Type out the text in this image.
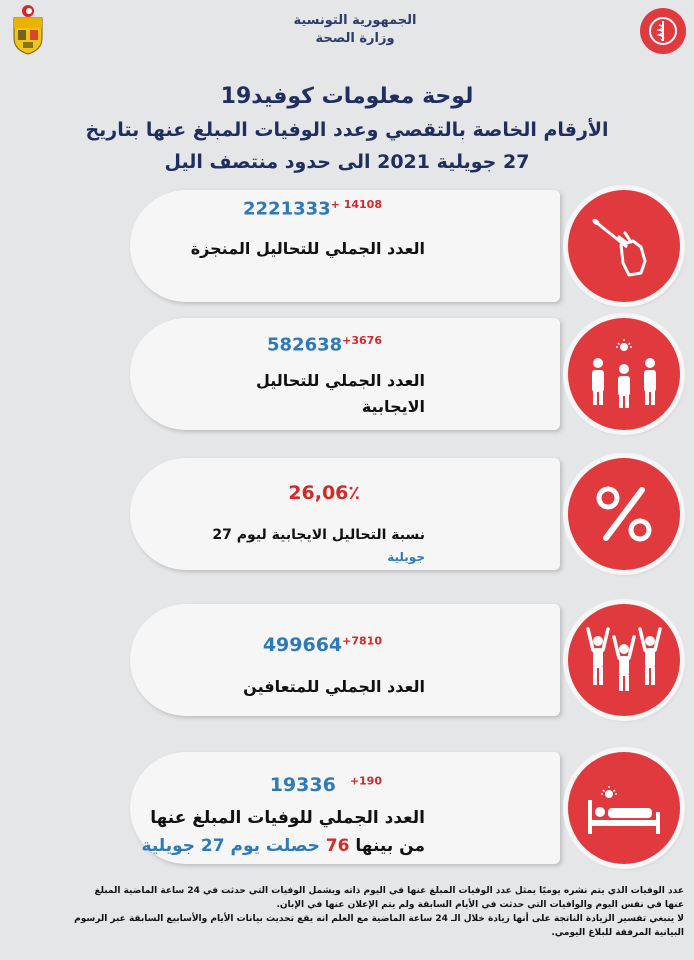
الجمهورية التونسية
وزارة الصحة
لوحة معلومات كوفيد19
الأرقام الخاصة بالتقصي وعدد الوفيات المبلغ عنها بتاريخ
27 جويلية 2021 الى حدود منتصف اليل
$2221333^{+ 14108}$
العدد الجملي للتحاليل المنجزة
$582638^{+3676}$
العدد الجملي للتحاليل
الايجابية
26,06٪
نسبة التحاليل الايجابية ليوم 27
جويلية
$499664^{+7810}$
العدد الجملي للمتعافين
19336 $^{+190}$
العدد الجملي للوفيات المبلغ عنها
من بينها 76 حصلت يوم 27 جويلية
عدد الوفيات الذي يتم نشره يوميًا يمثل عدد الوفيات المبلغ عنها في اليوم ذاته ويشمل الوفيات التي حدثت في 24 ساعة الماضية المبلغ
عنها في نفس اليوم والوافيات التي حدثت في الأيام السابقة ولم يتم الإعلان عنها في الإبان.
لا ينبغي تفسير الزيادة الناتجة على أنها زيادة خلال الـ 24 ساعة الماضية مع العلم انه يقع تحديث بيانات الأيام والأسابيع السابقة عبر الرسوم
البيانية المرفقة للبلاغ اليومي.
